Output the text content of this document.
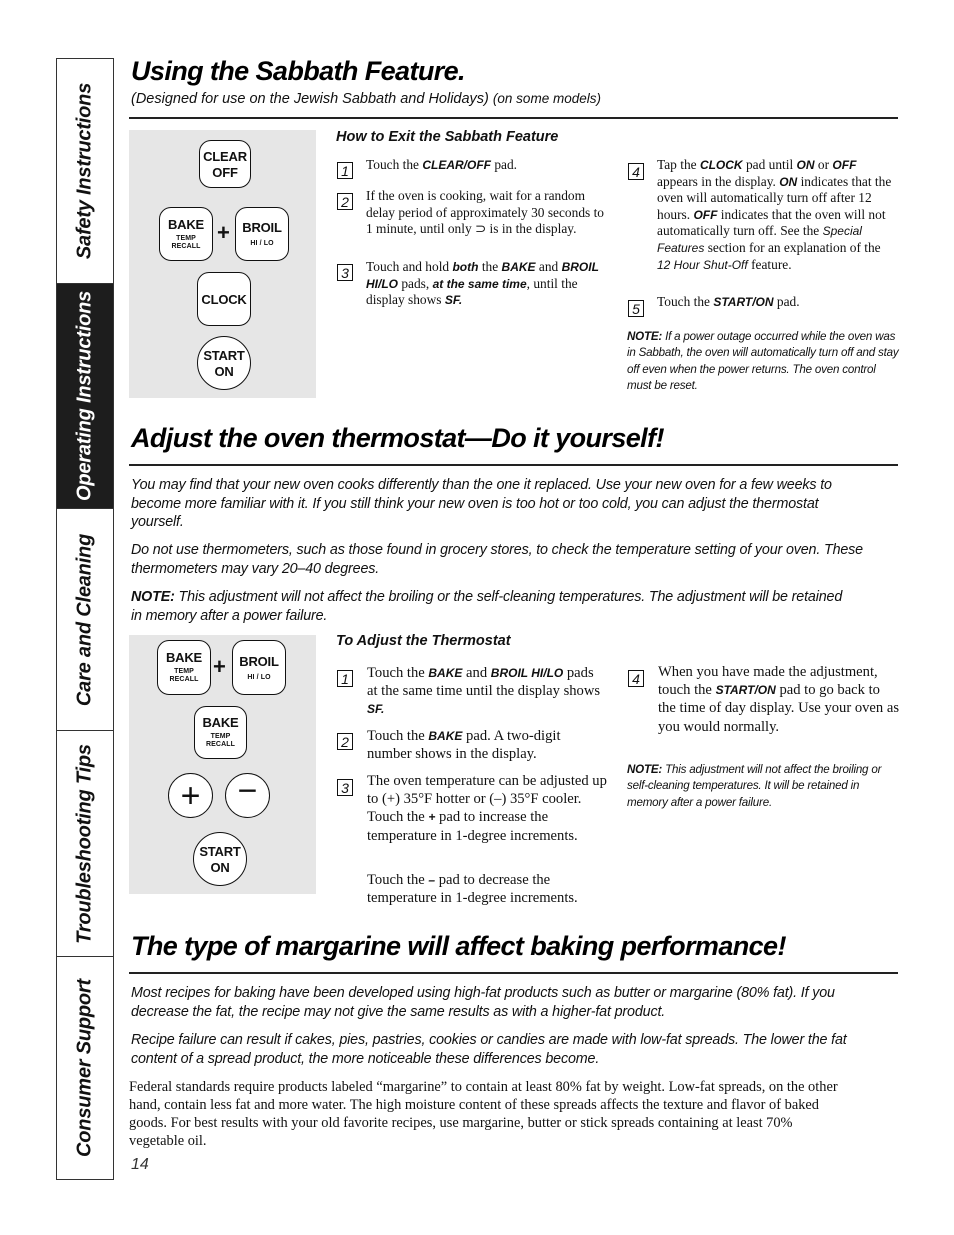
Safety Instructions
Operating Instructions
Care and Cleaning
Troubleshooting Tips
Consumer Support
Using the Sabbath Feature.
(Designed for use on the Jewish Sabbath and Holidays) (on some models)
CLEAR
OFF
BAKE
TEMP RECALL
+ BROIL
HI / LO
CLOCK
START
ON
How to Exit the Sabbath Feature
1	Touch the CLEAR/OFF pad.
2	If the oven is cooking, wait for a random delay period of approximately 30 seconds to 1 minute, until only ⊃ is in the display.
3	Touch and hold both the BAKE and BROIL HI/LO pads, at the same time, until the display shows SF.
4	Tap the CLOCK pad until ON or OFF appears in the display. ON indicates that the oven will automatically turn off after 12 hours. OFF indicates that the oven will not automatically turn off. See the Special Features section for an explanation of the 12 Hour Shut-Off feature.
5	Touch the START/ON pad.
NOTE: If a power outage occurred while the oven was in Sabbath, the oven will automatically turn off and stay off even when the power returns. The oven control must be reset.
Adjust the oven thermostat—Do it yourself!
You may find that your new oven cooks differently than the one it replaced. Use your new oven for a few weeks to become more familiar with it. If you still think your new oven is too hot or too cold, you can adjust the thermostat yourself.
Do not use thermometers, such as those found in grocery stores, to check the temperature setting of your oven. These thermometers may vary 20–40 degrees.
NOTE: This adjustment will not affect the broiling or the self-cleaning temperatures. The adjustment will be retained in memory after a power failure.
BAKE
TEMP RECALL
+ BROIL
HI / LO
BAKE
TEMP RECALL
+ −
START
ON
To Adjust the Thermostat
1 Touch the BAKE and BROIL HI/LO pads at the same time until the display shows SF.
2 Touch the BAKE pad. A two-digit number shows in the display.
3 The oven temperature can be adjusted up to (+) 35°F hotter or (–) 35°F cooler. Touch the + pad to increase the temperature in 1-degree increments.
Touch the – pad to decrease the temperature in 1-degree increments.
4 When you have made the adjustment, touch the START/ON pad to go back to the time of day display. Use your oven as you would normally.
NOTE: This adjustment will not affect the broiling or self-cleaning temperatures. It will be retained in memory after a power failure.
The type of margarine will affect baking performance!
Most recipes for baking have been developed using high-fat products such as butter or margarine (80% fat). If you decrease the fat, the recipe may not give the same results as with a higher-fat product.
Recipe failure can result if cakes, pies, pastries, cookies or candies are made with low-fat spreads. The lower the fat content of a spread product, the more noticeable these differences become.
Federal standards require products labeled “margarine” to contain at least 80% fat by weight. Low-fat spreads, on the other hand, contain less fat and more water. The high moisture content of these spreads affects the texture and flavor of baked goods. For best results with your old favorite recipes, use margarine, butter or stick spreads containing at least 70% vegetable oil.
14
